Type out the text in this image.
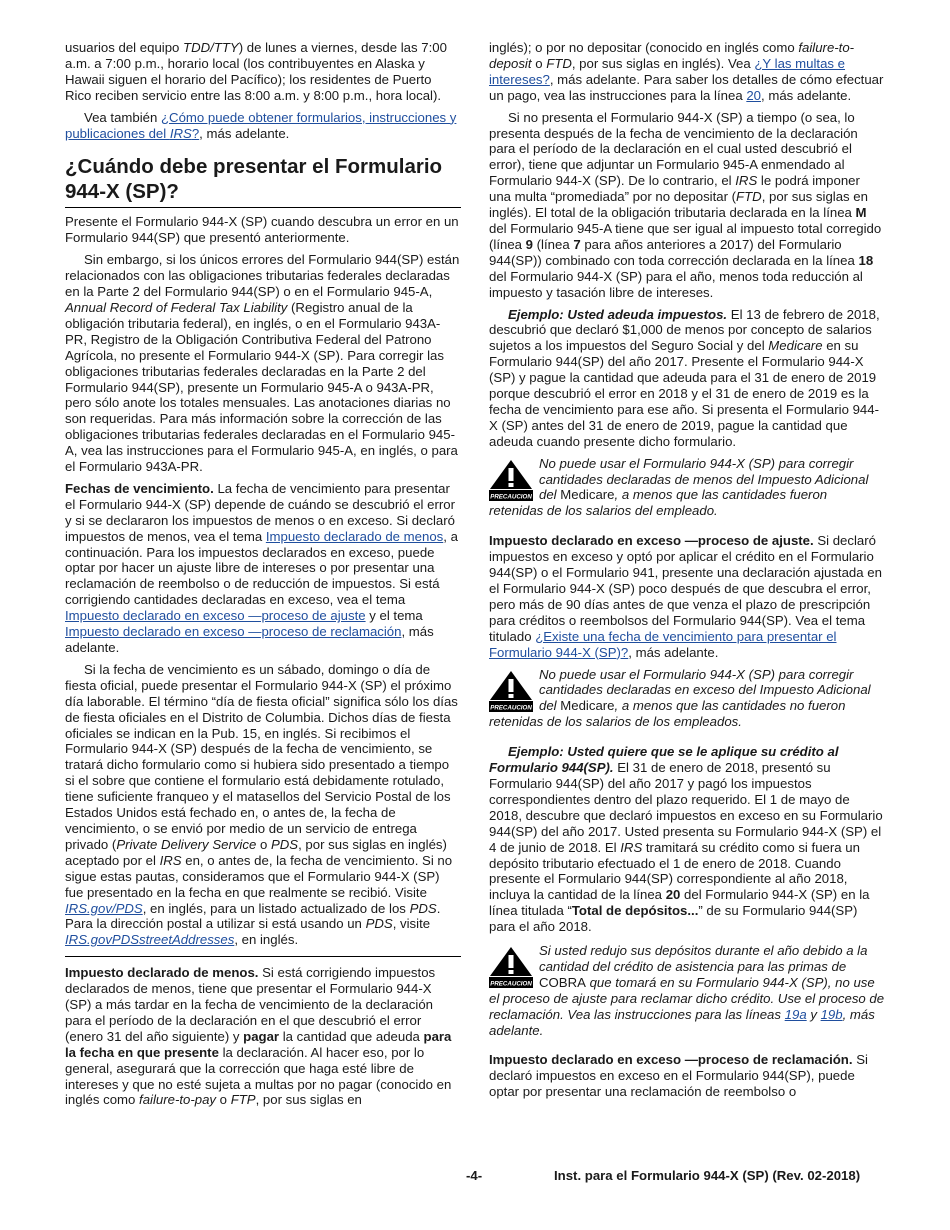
usuarios del equipo TDD/TTY) de lunes a viernes, desde las 7:00 a.m. a 7:00 p.m., horario local (los contribuyentes en Alaska y Hawaii siguen el horario del Pacífico); los residentes de Puerto Rico reciben servicio entre las 8:00 a.m. y 8:00 p.m., hora local).

Vea también ¿Cómo puede obtener formularios, instrucciones y publicaciones del IRS?, más adelante.

¿Cuándo debe presentar el Formulario 944-X (SP)?

Presente el Formulario 944-X (SP) cuando descubra un error en un Formulario 944(SP) que presentó anteriormente.

Sin embargo, si los únicos errores del Formulario 944(SP) están relacionados con las obligaciones tributarias federales declaradas en la Parte 2 del Formulario 944(SP) o en el Formulario 945-A, Annual Record of Federal Tax Liability (Registro anual de la obligación tributaria federal), en inglés, o en el Formulario 943A-PR, Registro de la Obligación Contributiva Federal del Patrono Agrícola, no presente el Formulario 944-X (SP). Para corregir las obligaciones tributarias federales declaradas en la Parte 2 del Formulario 944(SP), presente un Formulario 945-A o 943A-PR, pero sólo anote los totales mensuales. Las anotaciones diarias no son requeridas. Para más información sobre la corrección de las obligaciones tributarias federales declaradas en el Formulario 945-A, vea las instrucciones para el Formulario 945-A, en inglés, o para el Formulario 943A-PR.

Fechas de vencimiento. La fecha de vencimiento para presentar el Formulario 944-X (SP) depende de cuándo se descubrió el error y si se declararon los impuestos de menos o en exceso. Si declaró impuestos de menos, vea el tema Impuesto declarado de menos, a continuación. Para los impuestos declarados en exceso, puede optar por hacer un ajuste libre de intereses o por presentar una reclamación de reembolso o de reducción de impuestos. Si está corrigiendo cantidades declaradas en exceso, vea el tema Impuesto declarado en exceso —proceso de ajuste y el tema Impuesto declarado en exceso —proceso de reclamación, más adelante.

Si la fecha de vencimiento es un sábado, domingo o día de fiesta oficial, puede presentar el Formulario 944-X (SP) el próximo día laborable. El término “día de fiesta oficial” significa sólo los días de fiesta oficiales en el Distrito de Columbia. Dichos días de fiesta oficiales se indican en la Pub. 15, en inglés. Si recibimos el Formulario 944-X (SP) después de la fecha de vencimiento, se tratará dicho formulario como si hubiera sido presentado a tiempo si el sobre que contiene el formulario está debidamente rotulado, tiene suficiente franqueo y el matasellos del Servicio Postal de los Estados Unidos está fechado en, o antes de, la fecha de vencimiento, o se envió por medio de un servicio de entrega privado (Private Delivery Service o PDS, por sus siglas en inglés) aceptado por el IRS en, o antes de, la fecha de vencimiento. Si no sigue estas pautas, consideramos que el Formulario 944-X (SP) fue presentado en la fecha en que realmente se recibió. Visite IRS.gov/PDS, en inglés, para un listado actualizado de los PDS. Para la dirección postal a utilizar si está usando un PDS, visite IRS.govPDSstreetAddresses, en inglés.

Impuesto declarado de menos. Si está corrigiendo impuestos declarados de menos, tiene que presentar el Formulario 944-X (SP) a más tardar en la fecha de vencimiento de la declaración para el período de la declaración en el que descubrió el error (enero 31 del año siguiente) y pagar la cantidad que adeuda para la fecha en que presente la declaración. Al hacer eso, por lo general, asegurará que la corrección que haga esté libre de intereses y que no esté sujeta a multas por no pagar (conocido en inglés como failure-to-pay o FTP, por sus siglas en

inglés); o por no depositar (conocido en inglés como failure-to-deposit o FTD, por sus siglas en inglés). Vea ¿Y las multas e intereses?, más adelante. Para saber los detalles de cómo efectuar un pago, vea las instrucciones para la línea 20, más adelante.

Si no presenta el Formulario 944-X (SP) a tiempo (o sea, lo presenta después de la fecha de vencimiento de la declaración para el período de la declaración en el cual usted descubrió el error), tiene que adjuntar un Formulario 945-A enmendado al Formulario 944-X (SP). De lo contrario, el IRS le podrá imponer una multa “promediada” por no depositar (FTD, por sus siglas en inglés). El total de la obligación tributaria declarada en la línea M del Formulario 945-A tiene que ser igual al impuesto total corregido (línea 9 (línea 7 para años anteriores a 2017) del Formulario 944(SP)) combinado con toda corrección declarada en la línea 18 del Formulario 944-X (SP) para el año, menos toda reducción al impuesto y tasación libre de intereses.

Ejemplo: Usted adeuda impuestos. El 13 de febrero de 2018, descubrió que declaró $1,000 de menos por concepto de salarios sujetos a los impuestos del Seguro Social y del Medicare en su Formulario 944(SP) del año 2017. Presente el Formulario 944-X (SP) y pague la cantidad que adeuda para el 31 de enero de 2019 porque descubrió el error en 2018 y el 31 de enero de 2019 es la fecha de vencimiento para ese año. Si presenta el Formulario 944-X (SP) antes del 31 de enero de 2019, pague la cantidad que adeuda cuando presente dicho formulario.

PRECAUCION
No puede usar el Formulario 944-X (SP) para corregir cantidades declaradas de menos del Impuesto Adicional del Medicare, a menos que las cantidades fueron retenidas de los salarios del empleado.

Impuesto declarado en exceso —proceso de ajuste. Si declaró impuestos en exceso y optó por aplicar el crédito en el Formulario 944(SP) o el Formulario 941, presente una declaración ajustada en el Formulario 944-X (SP) poco después de que descubra el error, pero más de 90 días antes de que venza el plazo de prescripción para créditos o reembolsos del Formulario 944(SP). Vea el tema titulado ¿Existe una fecha de vencimiento para presentar el Formulario 944-X (SP)?, más adelante.

PRECAUCION
No puede usar el Formulario 944-X (SP) para corregir cantidades declaradas en exceso del Impuesto Adicional del Medicare, a menos que las cantidades no fueron retenidas de los salarios de los empleados.

Ejemplo: Usted quiere que se le aplique su crédito al Formulario 944(SP). El 31 de enero de 2018, presentó su Formulario 944(SP) del año 2017 y pagó los impuestos correspondientes dentro del plazo requerido. El 1 de mayo de 2018, descubre que declaró impuestos en exceso en su Formulario 944(SP) del año 2017. Usted presenta su Formulario 944-X (SP) el 4 de junio de 2018. El IRS tramitará su crédito como si fuera un depósito tributario efectuado el 1 de enero de 2018. Cuando presente el Formulario 944(SP) correspondiente al año 2018, incluya la cantidad de la línea 20 del Formulario 944-X (SP) en la línea titulada “Total de depósitos...” de su Formulario 944(SP) para el año 2018.

PRECAUCION
Si usted redujo sus depósitos durante el año debido a la cantidad del crédito de asistencia para las primas de COBRA que tomará en su Formulario 944-X (SP), no use el proceso de ajuste para reclamar dicho crédito. Use el proceso de reclamación. Vea las instrucciones para las líneas 19a y 19b, más adelante.

Impuesto declarado en exceso —proceso de reclamación. Si declaró impuestos en exceso en el Formulario 944(SP), puede optar por presentar una reclamación de reembolso o

-4-	Inst. para el Formulario 944-X (SP) (Rev. 02-2018)
